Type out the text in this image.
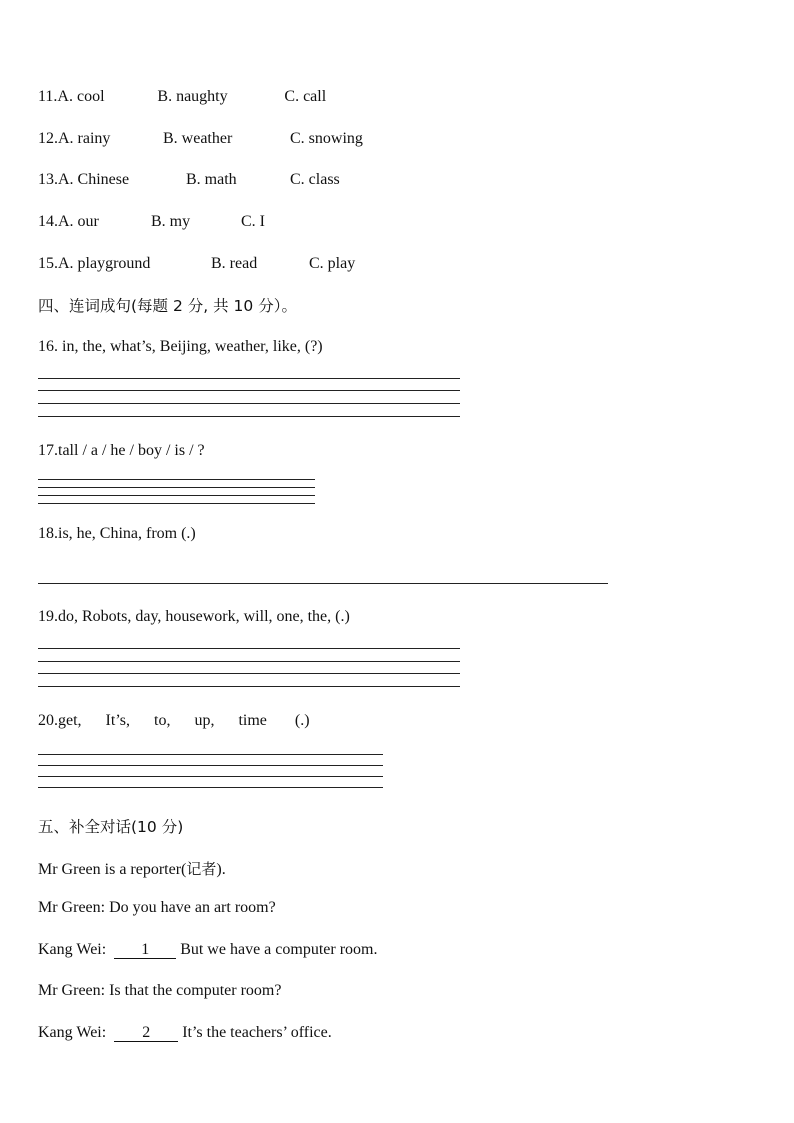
11.A. cool	B. naughty	C. call
12.A. rainy	B. weather	C. snowing
13.A. Chinese	B. math	C. class
14.A. our	B. my	C. I
15.A. playground	B. read	C. play
四、连词成句(每题 2 分, 共 10 分）。
16. in, the, what’s, Beijing, weather, like, (?)
17.tall / a / he / boy / is / ?
18.is, he, China, from (.)
19.do, Robots, day, housework, will, one, the, (.)
20.get,      It’s,      to,      up,      time       (.)
五、补全对话(10 分)
Mr Green is a reporter(记者).
Mr Green: Do you have an art room?
Kang Wei: 1 But we have a computer room.
Mr Green: Is that the computer room?
Kang Wei: 2 It’s the teachers’ office.
